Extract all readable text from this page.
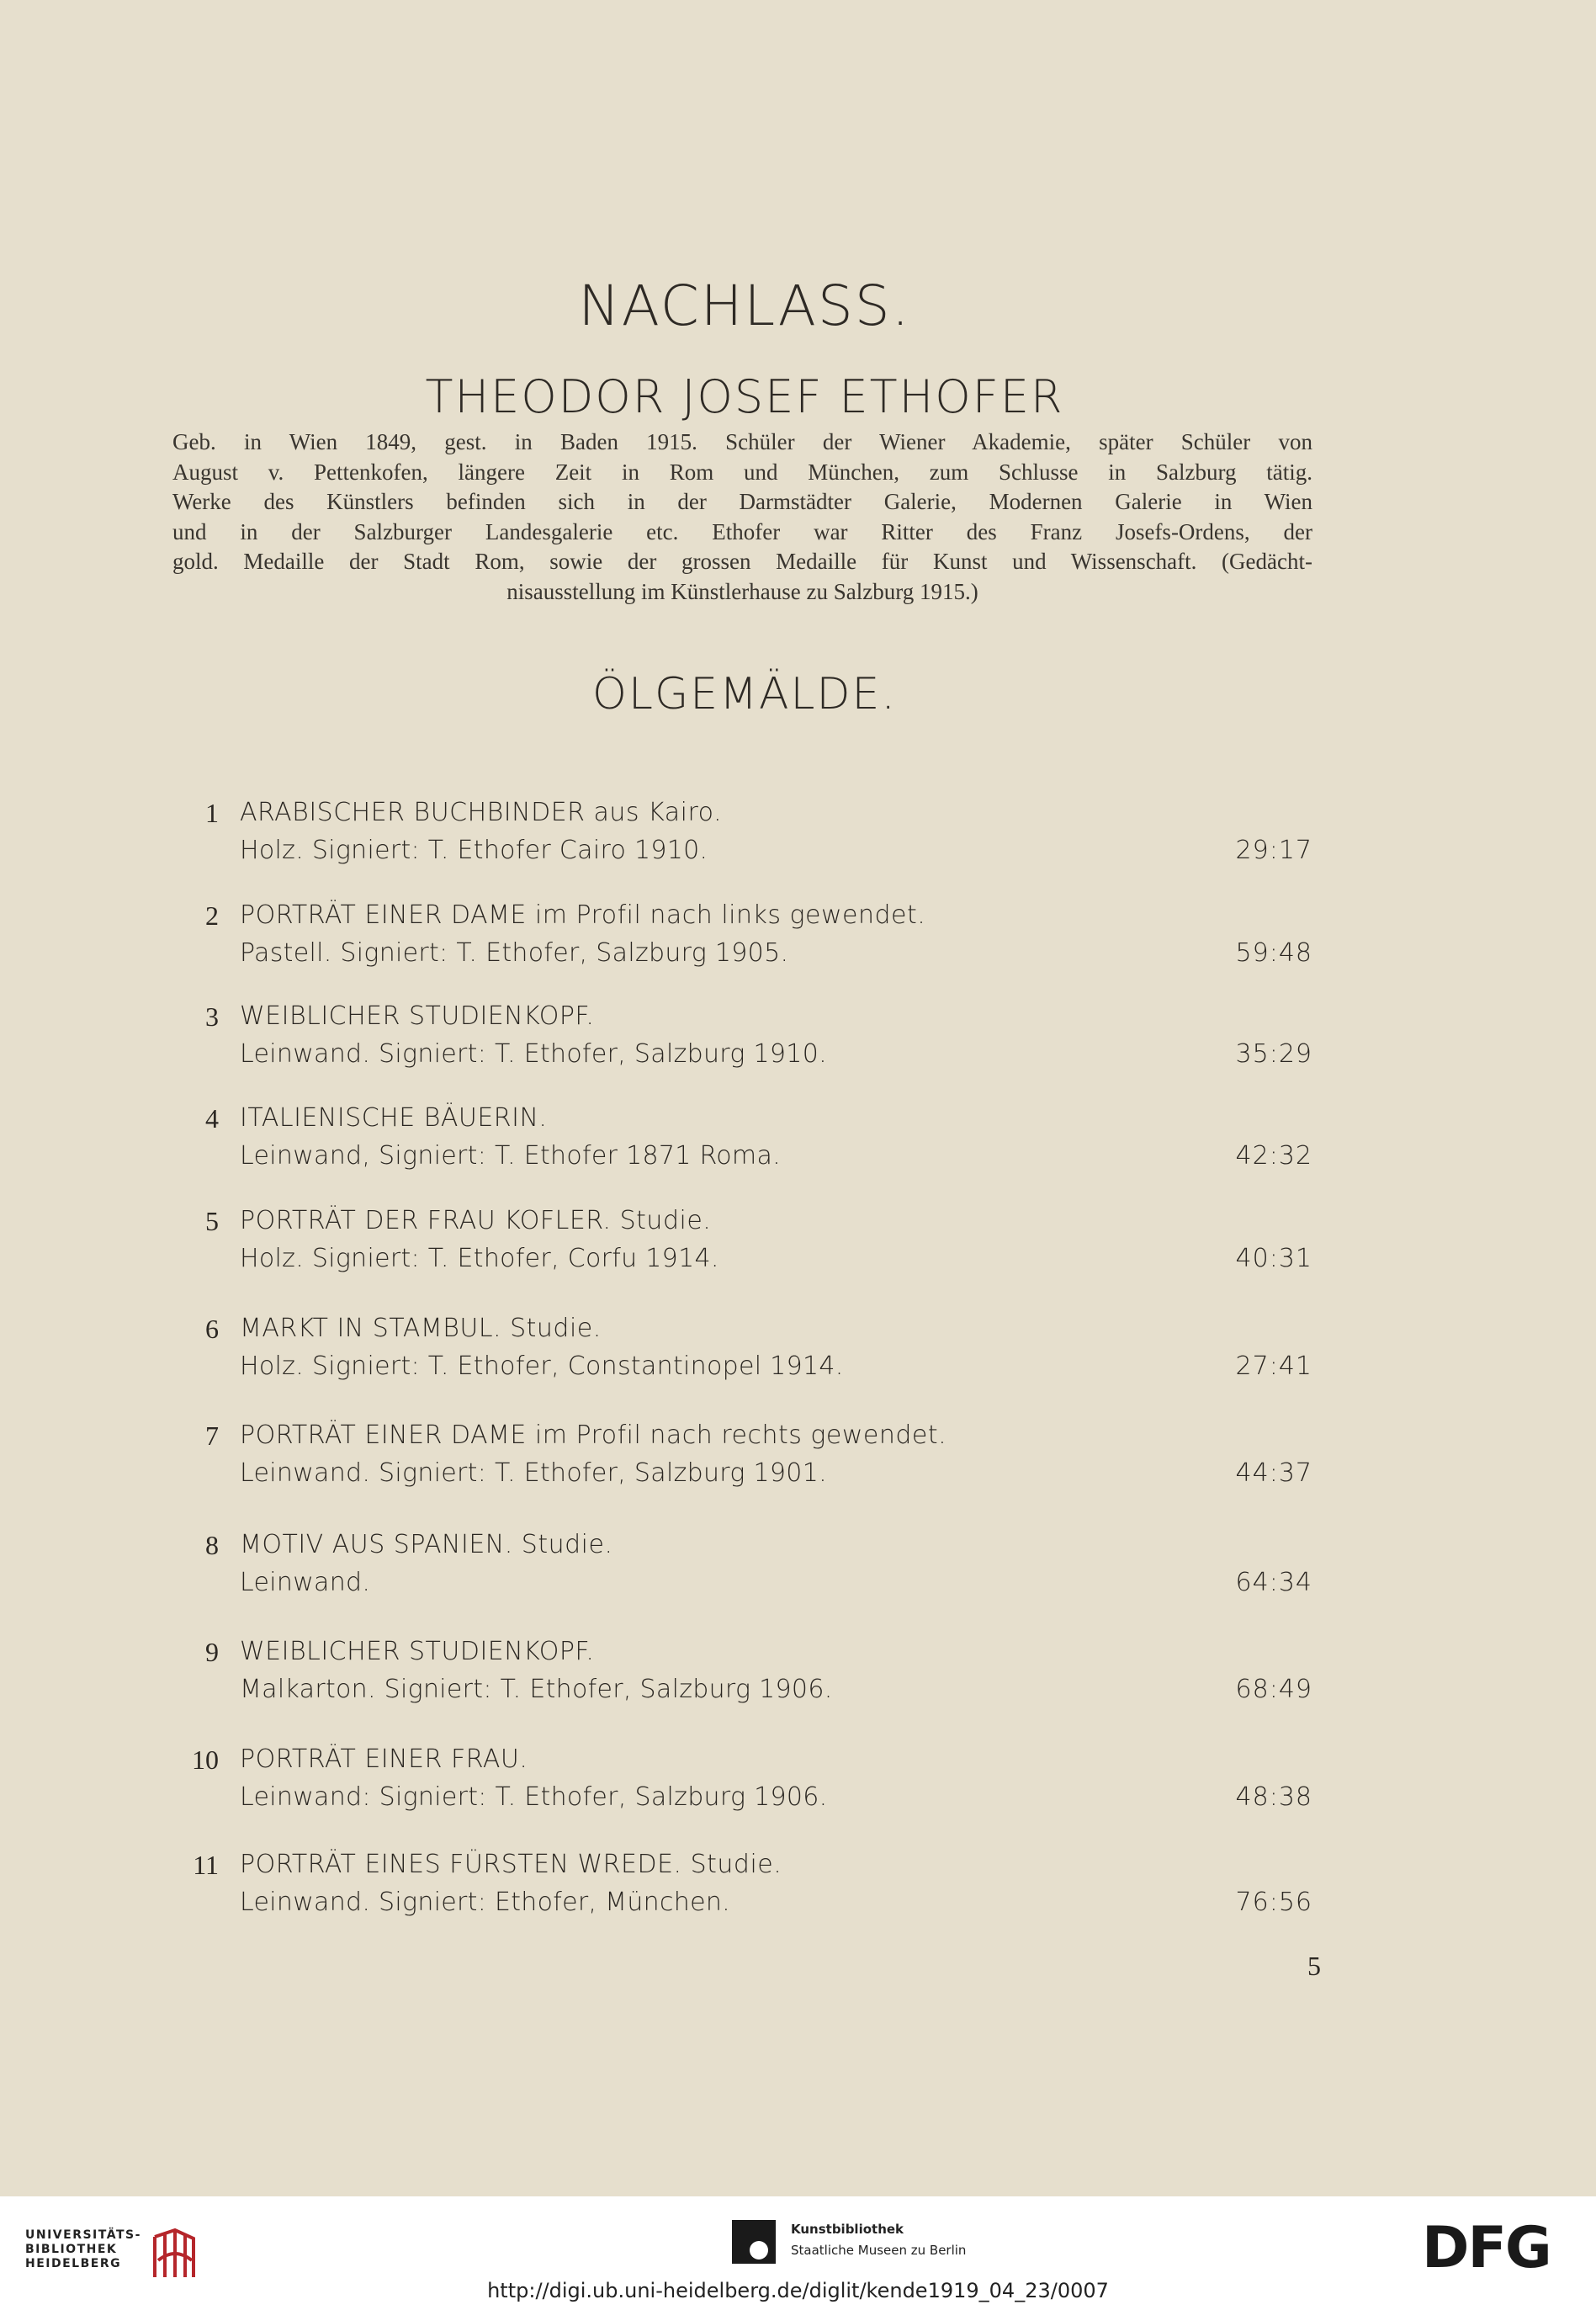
NACHLASS.
THEODOR JOSEF ETHOFER
Geb. in Wien 1849, gest. in Baden 1915. Schüler der Wiener Akademie, später Schüler von
August v. Pettenkofen, längere Zeit in Rom und München, zum Schlusse in Salzburg tätig.
Werke des Künstlers befinden sich in der Darmstädter Galerie, Modernen Galerie in Wien
und in der Salzburger Landesgalerie etc. Ethofer war Ritter des Franz Josefs-Ordens, der
gold. Medaille der Stadt Rom, sowie der grossen Medaille für Kunst und Wissenschaft. (Gedächt-
nisausstellung im Künstlerhause zu Salzburg 1915.)
ÖLGEMÄLDE.
1 ARABISCHER BUCHBINDER aus Kairo.
Holz. Signiert: T. Ethofer Cairo 1910.	29:17
2 PORTRÄT EINER DAME im Profil nach links gewendet.
Pastell. Signiert: T. Ethofer, Salzburg 1905.	59:48
3 WEIBLICHER STUDIENKOPF.
Leinwand. Signiert: T. Ethofer, Salzburg 1910.	35:29
4 ITALIENISCHE BÄUERIN.
Leinwand, Signiert: T. Ethofer 1871 Roma.	42:32
5 PORTRÄT DER FRAU KOFLER. Studie.
Holz. Signiert: T. Ethofer, Corfu 1914.	40:31
6 MARKT IN STAMBUL. Studie.
Holz. Signiert: T. Ethofer, Constantinopel 1914.	27:41
7 PORTRÄT EINER DAME im Profil nach rechts gewendet.
Leinwand. Signiert: T. Ethofer, Salzburg 1901.	44:37
8 MOTIV AUS SPANIEN. Studie.
Leinwand.	64:34
9 WEIBLICHER STUDIENKOPF.
Malkarton. Signiert: T. Ethofer, Salzburg 1906.	68:49
10 PORTRÄT EINER FRAU.
Leinwand: Signiert: T. Ethofer, Salzburg 1906.	48:38
11 PORTRÄT EINES FÜRSTEN WREDE. Studie.
Leinwand. Signiert: Ethofer, München.	76:56
5
UNIVERSITÄTS-
BIBLIOTHEK
HEIDELBERG
Kunstbibliothek
Staatliche Museen zu Berlin	DFG
http://digi.ub.uni-heidelberg.de/diglit/kende1919_04_23/0007
